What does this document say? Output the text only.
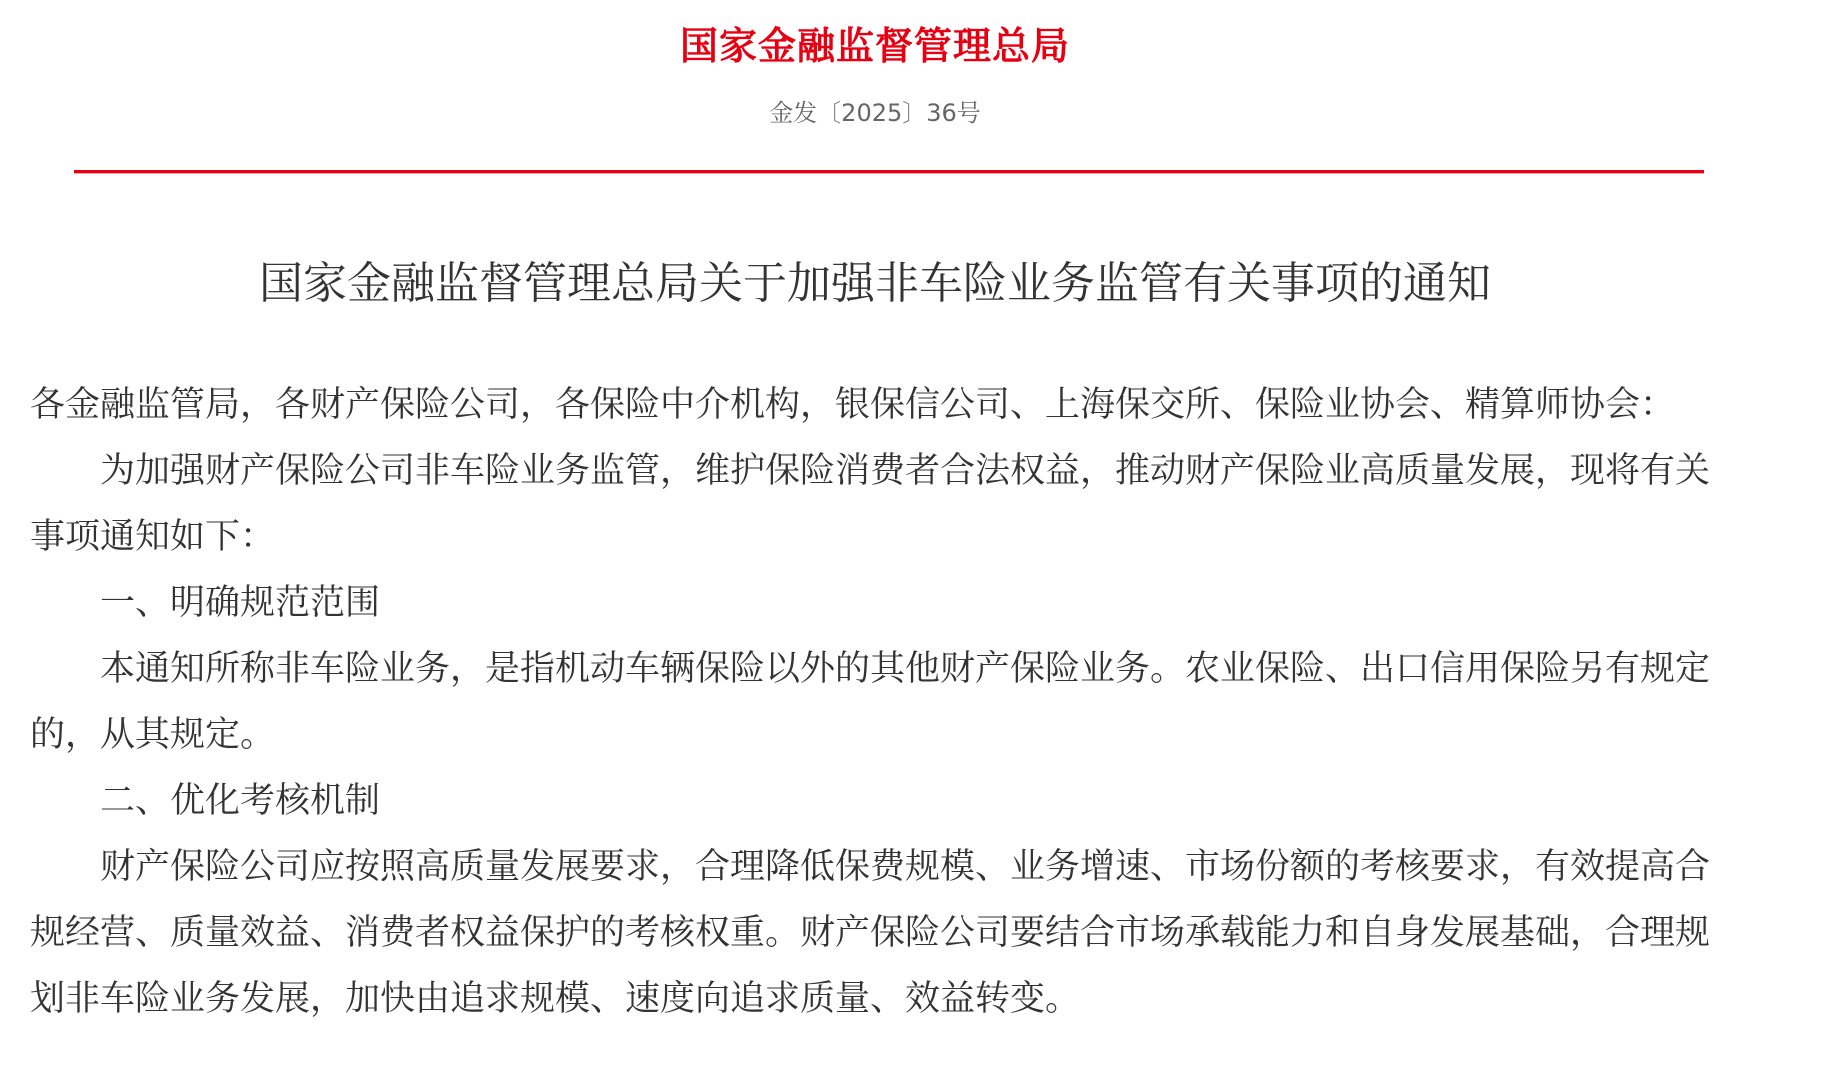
国家金融监督管理总局
金发〔2025〕36号
国家金融监督管理总局关于加强非车险业务监管有关事项的通知

各金融监管局，各财产保险公司，各保险中介机构，银保信公司、上海保交所、保险业协会、精算师协会：

为加强财产保险公司非车险业务监管，维护保险消费者合法权益，推动财产保险业高质量发展，现将有关事项通知如下：

一、明确规范范围

本通知所称非车险业务，是指机动车辆保险以外的其他财产保险业务。农业保险、出口信用保险另有规定的，从其规定。

二、优化考核机制

财产保险公司应按照高质量发展要求，合理降低保费规模、业务增速、市场份额的考核要求，有效提高合规经营、质量效益、消费者权益保护的考核权重。财产保险公司要结合市场承载能力和自身发展基础，合理规划非车险业务发展，加快由追求规模、速度向追求质量、效益转变。
